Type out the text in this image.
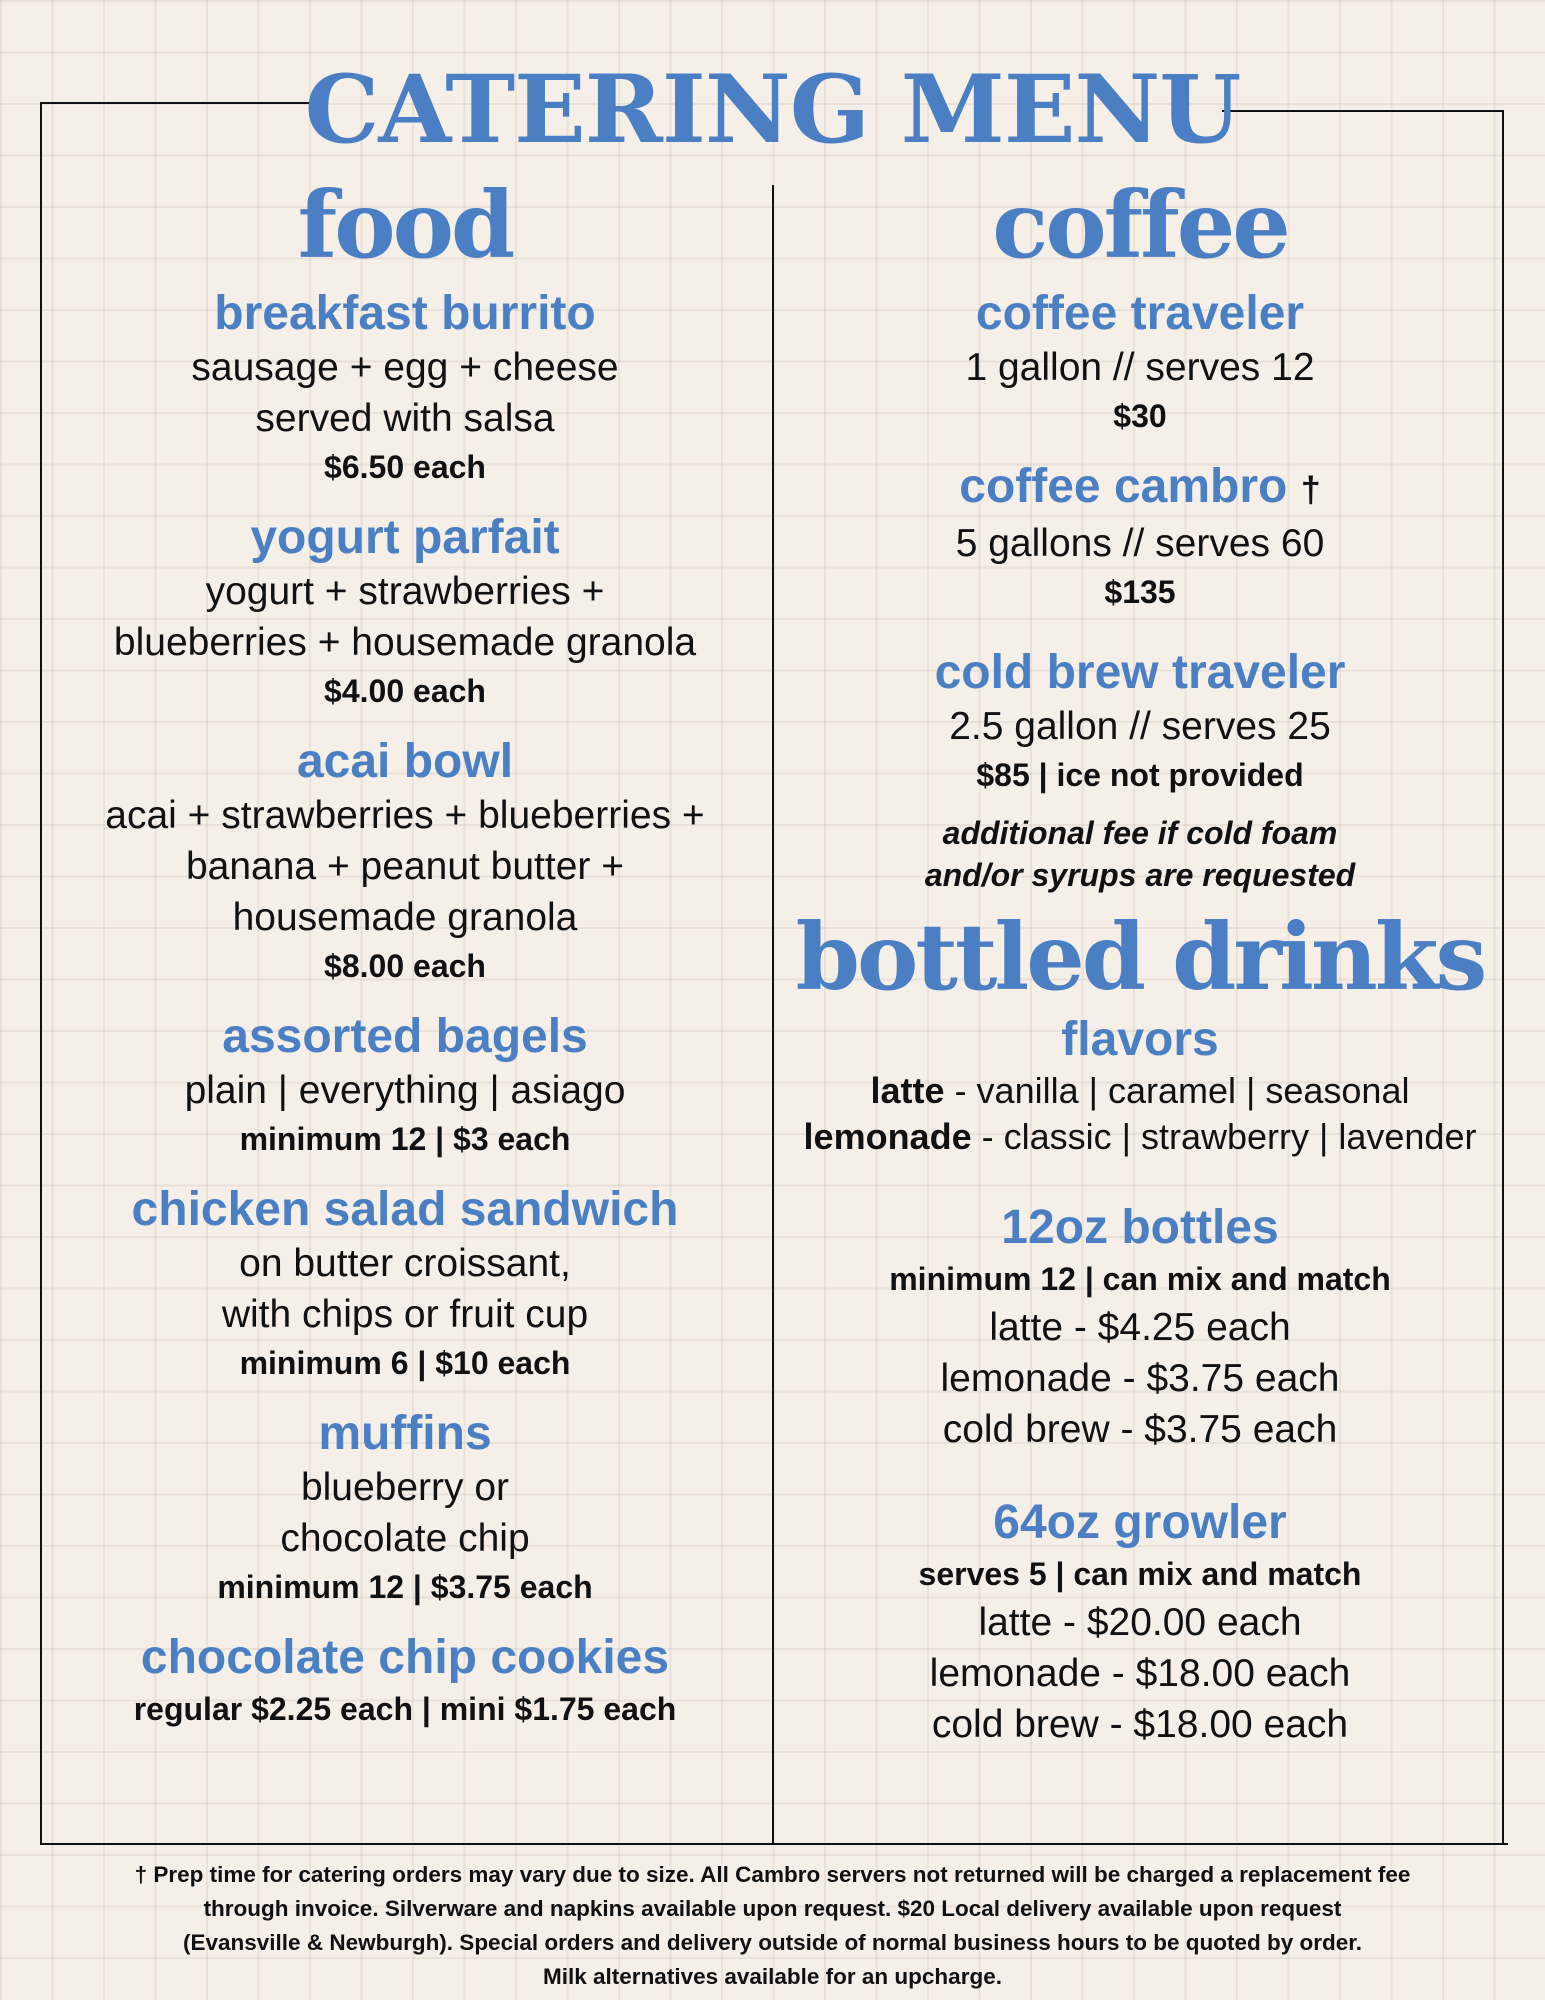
CATERING MENU
food

breakfast burrito

sausage + egg + cheese

served with salsa

$6.50 each

yogurt parfait

yogurt + strawberries +

blueberries + housemade granola

$4.00 each

acai bowl

acai + strawberries + blueberries +

banana + peanut butter +

housemade granola

$8.00 each

assorted bagels

plain | everything | asiago

minimum 12 | $3 each

chicken salad sandwich

on butter croissant,

with chips or fruit cup

minimum 6 | $10 each

muffins

blueberry or

chocolate chip

minimum 12 | $3.75 each

chocolate chip cookies

regular $2.25 each | mini $1.75 each

coffee

coffee traveler

1 gallon // serves 12

$30

coffee cambro †

5 gallons // serves 60

$135

cold brew traveler

2.5 gallon // serves 25

$85 | ice not provided

additional fee if cold foam

and/or syrups are requested

bottled drinks

flavors

latte - vanilla | caramel | seasonal

lemonade - classic | strawberry | lavender

12oz bottles

minimum 12 | can mix and match

latte - $4.25 each

lemonade - $3.75 each

cold brew - $3.75 each

64oz growler

serves 5 | can mix and match

latte - $20.00 each

lemonade - $18.00 each

cold brew - $18.00 each

† Prep time for catering orders may vary due to size. All Cambro servers not returned will be charged a replacement fee

through invoice. Silverware and napkins available upon request. $20 Local delivery available upon request

(Evansville & Newburgh). Special orders and delivery outside of normal business hours to be quoted by order.

Milk alternatives available for an upcharge.
